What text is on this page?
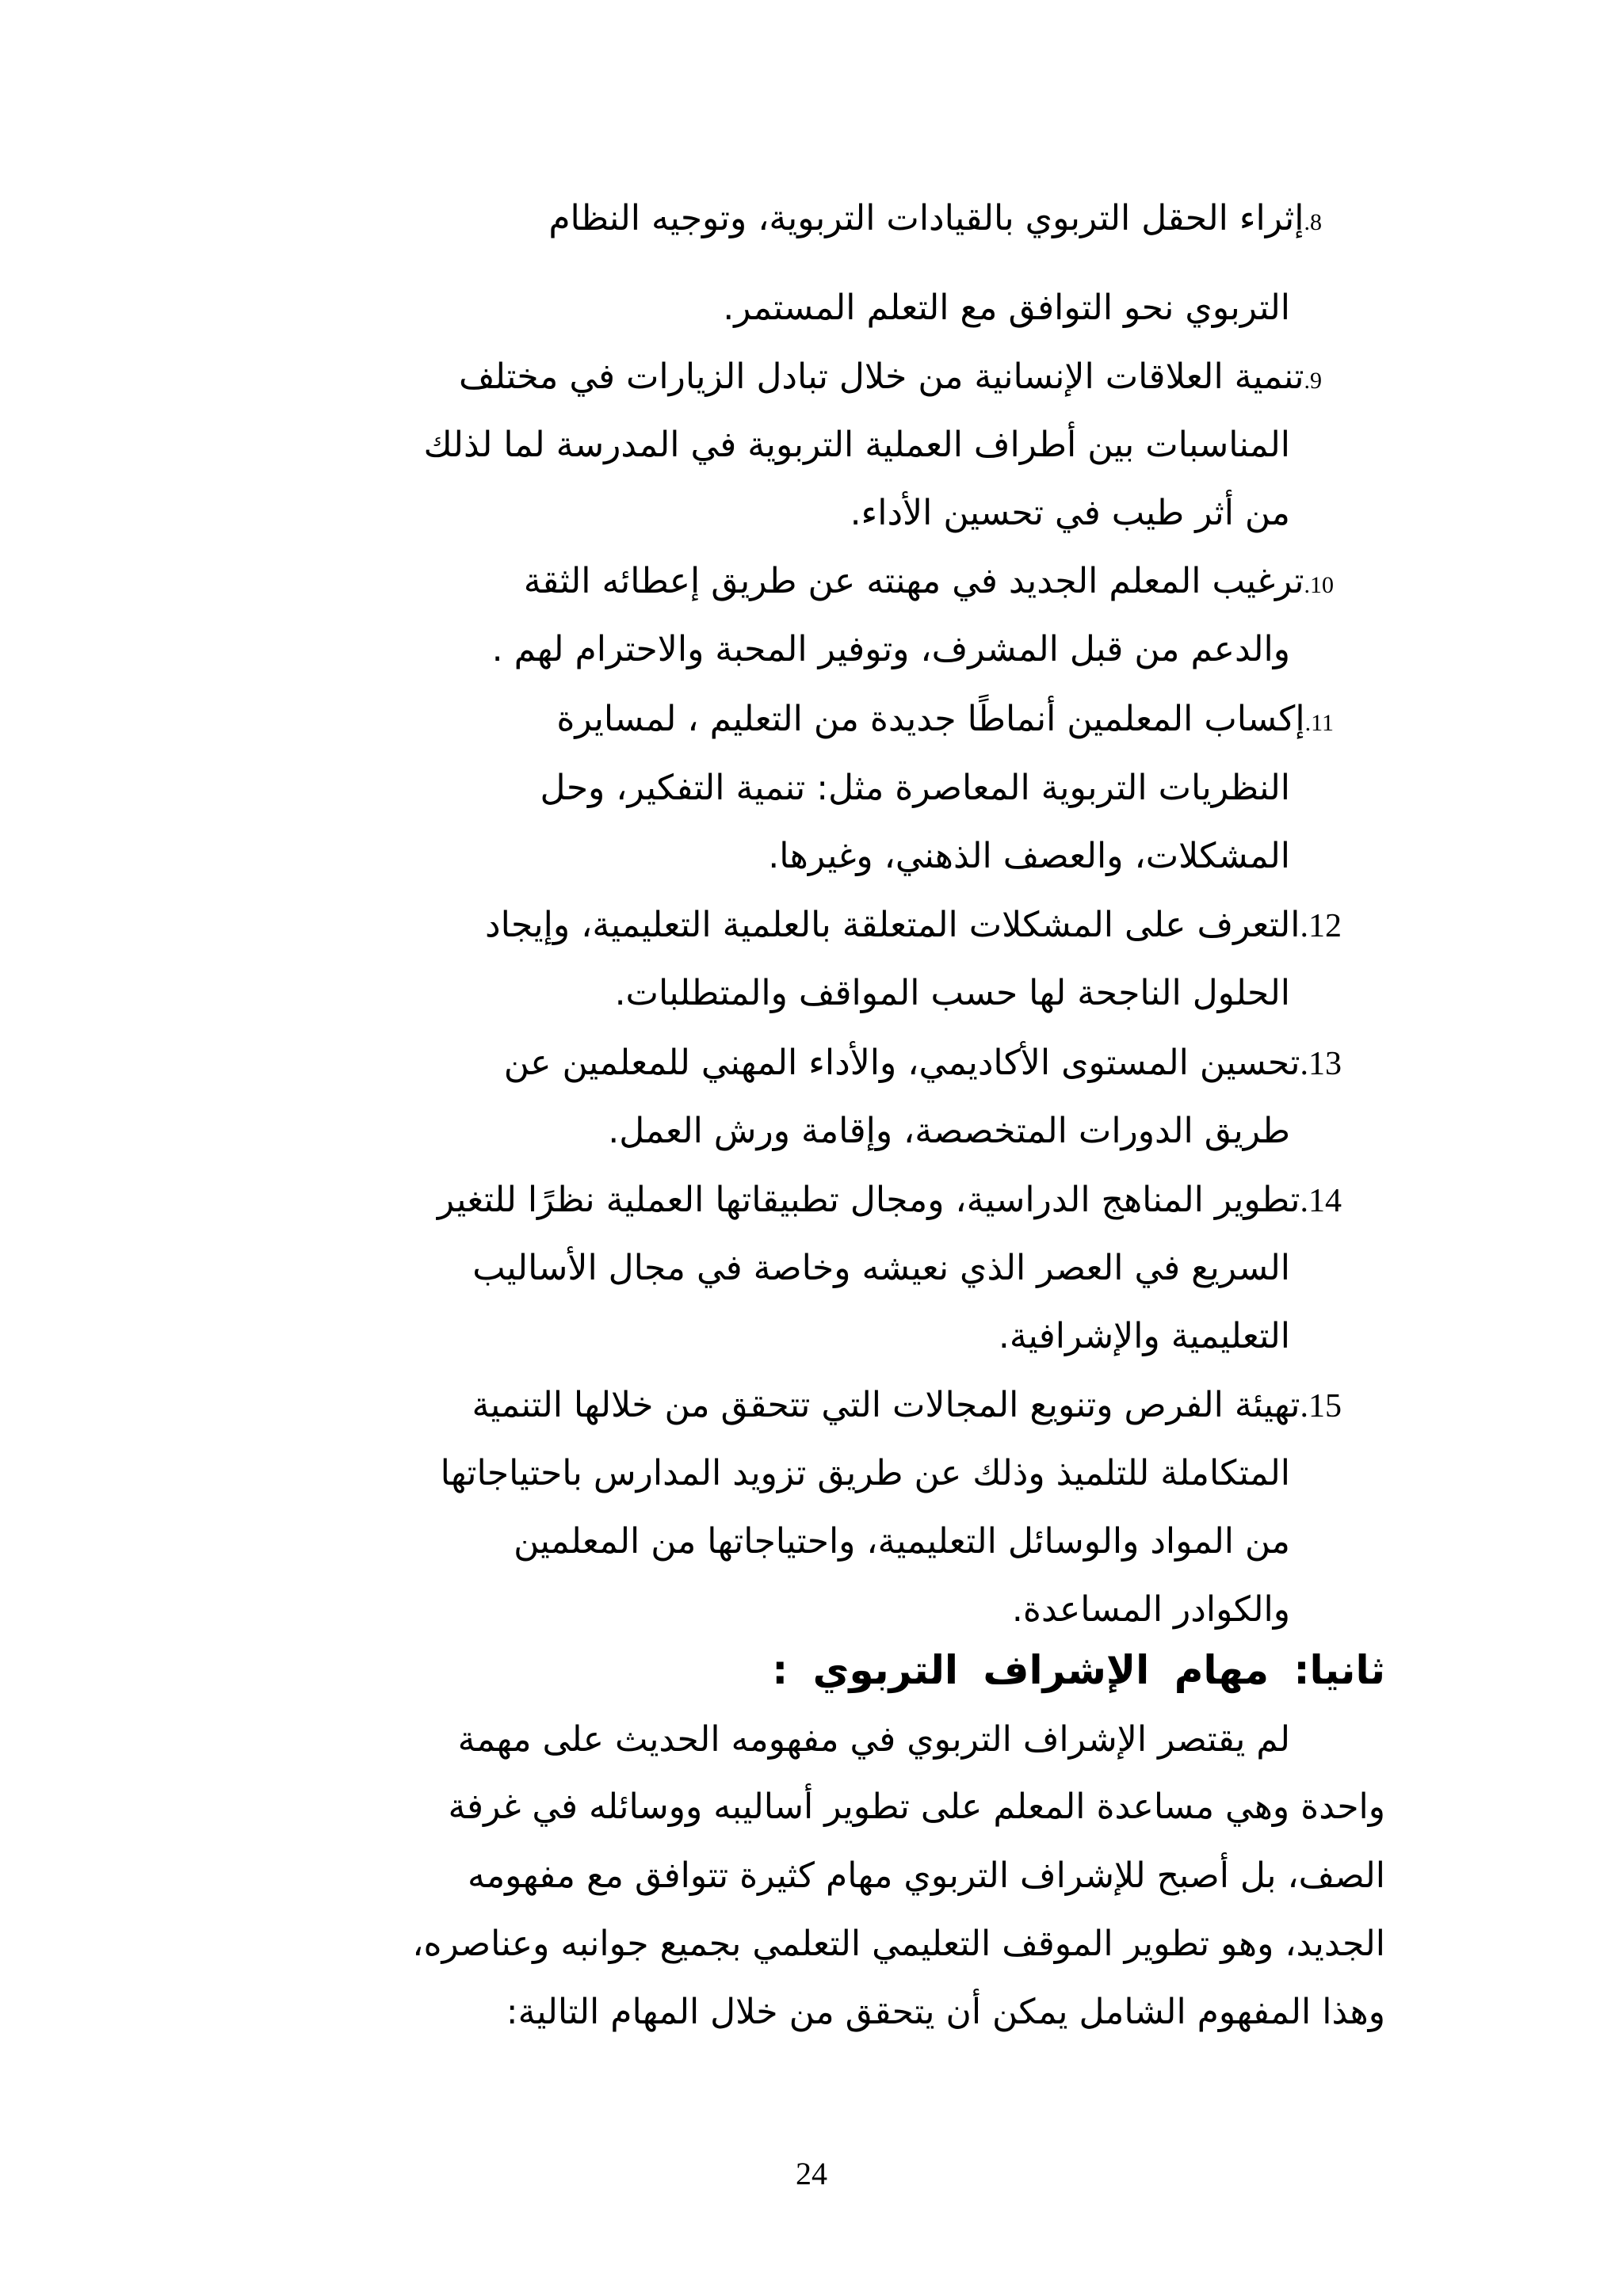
8.إثراء الحقل التربوي بالقيادات التربوية، وتوجيه النظام
التربوي نحو التوافق مع التعلم المستمر.
9.تنمية العلاقات الإنسانية من خلال تبادل الزيارات في مختلف
المناسبات بين أطراف العملية التربوية في المدرسة لما لذلك
من أثر طيب في تحسين الأداء.
10.ترغيب المعلم الجديد في مهنته عن طريق إعطائه الثقة
والدعم من قبل المشرف، وتوفير المحبة والاحترام لهم .
11.إكساب المعلمين أنماطًا جديدة من التعليم ، لمسايرة
النظريات التربوية المعاصرة مثل: تنمية التفكير، وحل
المشكلات، والعصف الذهني، وغيرها.
12.التعرف على المشكلات المتعلقة بالعلمية التعليمية، وإيجاد
الحلول الناجحة لها حسب المواقف والمتطلبات.
13.تحسين المستوى الأكاديمي، والأداء المهني للمعلمين عن
طريق الدورات المتخصصة، وإقامة ورش العمل.
14.تطوير المناهج الدراسية، ومجال تطبيقاتها العملية نظرًا للتغير
السريع في العصر الذي نعيشه وخاصة في مجال الأساليب
التعليمية والإشرافية.
15.تهيئة الفرص وتنويع المجالات التي تتحقق من خلالها التنمية
المتكاملة للتلميذ وذلك عن طريق تزويد المدارس باحتياجاتها
من المواد والوسائل التعليمية، واحتياجاتها من المعلمين
والكوادر المساعدة.
ثانيا: مهام الإشراف التربوي :
لم يقتصر الإشراف التربوي في مفهومه الحديث على مهمة
واحدة وهي مساعدة المعلم على تطوير أساليبه ووسائله في غرفة
الصف، بل أصبح للإشراف التربوي مهام كثيرة تتوافق مع مفهومه
الجديد، وهو تطوير الموقف التعليمي التعلمي بجميع جوانبه وعناصره،
وهذا المفهوم الشامل يمكن أن يتحقق من خلال المهام التالية:
24
